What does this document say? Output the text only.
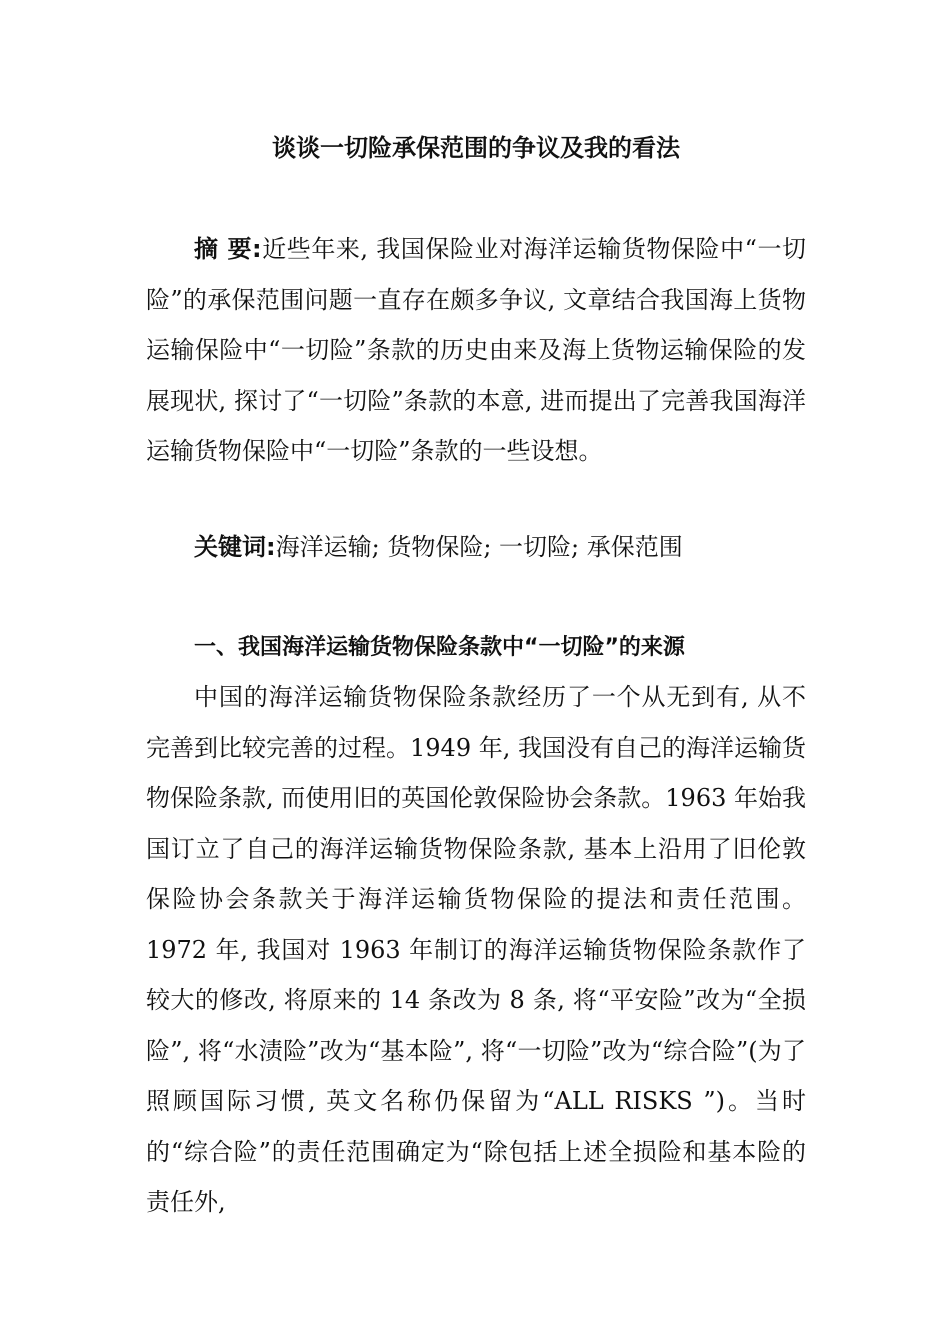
谈谈一切险承保范围的争议及我的看法
摘 要:近些年来, 我国保险业对海洋运输货物保险中“一切险”的承保范围问题一直存在颇多争议, 文章结合我国海上货物运输保险中“一切险”条款的历史由来及海上货物运输保险的发展现状, 探讨了“一切险”条款的本意, 进而提出了完善我国海洋运输货物保险中“一切险”条款的一些设想。
关键词:海洋运输; 货物保险; 一切险; 承保范围
一、我国海洋运输货物保险条款中“一切险”的来源
中国的海洋运输货物保险条款经历了一个从无到有, 从不完善到比较完善的过程。1949 年, 我国没有自己的海洋运输货物保险条款, 而使用旧的英国伦敦保险协会条款。1963 年始我国订立了自己的海洋运输货物保险条款, 基本上沿用了旧伦敦保险协会条款关于海洋运输货物保险的提法和责任范围。1972 年, 我国对 1963 年制订的海洋运输货物保险条款作了较大的修改, 将原来的 14 条改为 8 条, 将“平安险”改为“全损险”, 将“水渍险”改为“基本险”, 将“一切险”改为“综合险”(为了照顾国际习惯, 英文名称仍保留为“ALL RISKS ”)。当时的“综合险”的责任范围确定为“除包括上述全损险和基本险的责任外,
